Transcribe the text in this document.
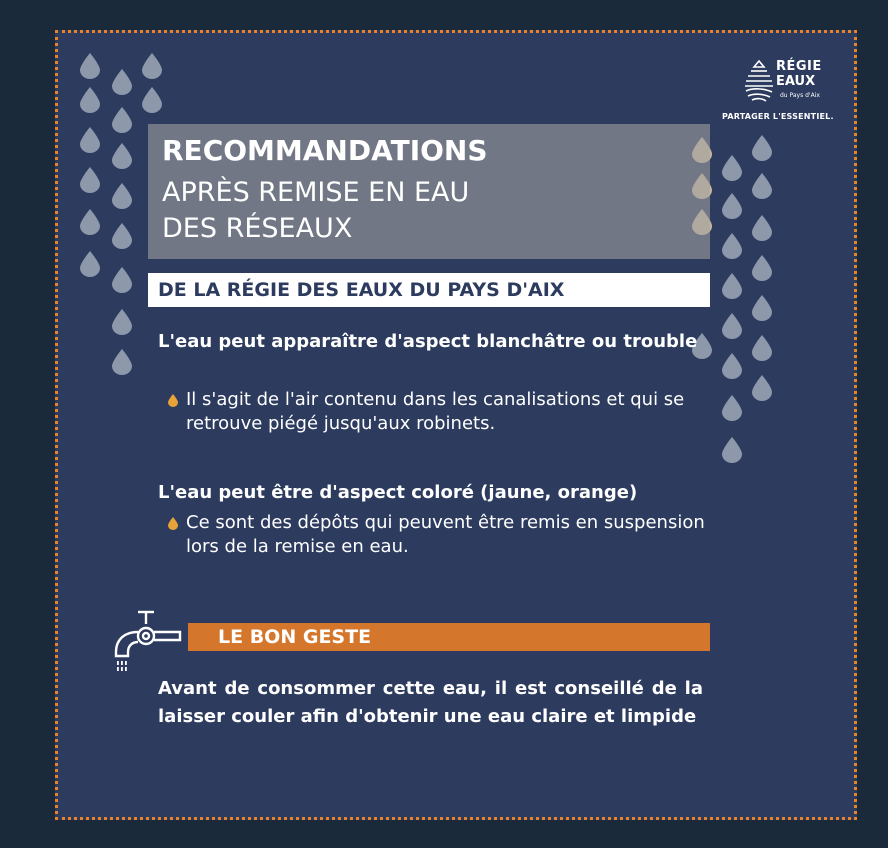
RÉGIE
EAUX
du Pays d'Aix
PARTAGER L'ESSENTIEL.
RECOMMANDATIONS
APRÈS REMISE EN EAU
DES RÉSEAUX
DE LA RÉGIE DES EAUX DU PAYS D'AIX
L'eau peut apparaître d'aspect blanchâtre ou trouble
Il s'agit de l'air contenu dans les canalisations et qui se retrouve piégé jusqu'aux robinets.
L'eau peut être d'aspect coloré (jaune, orange)
Ce sont des dépôts qui peuvent être remis en suspension lors de la remise en eau.
LE BON GESTE
Avant de consommer cette eau, il est conseillé de la laisser couler afin d'obtenir une eau claire et limpide
